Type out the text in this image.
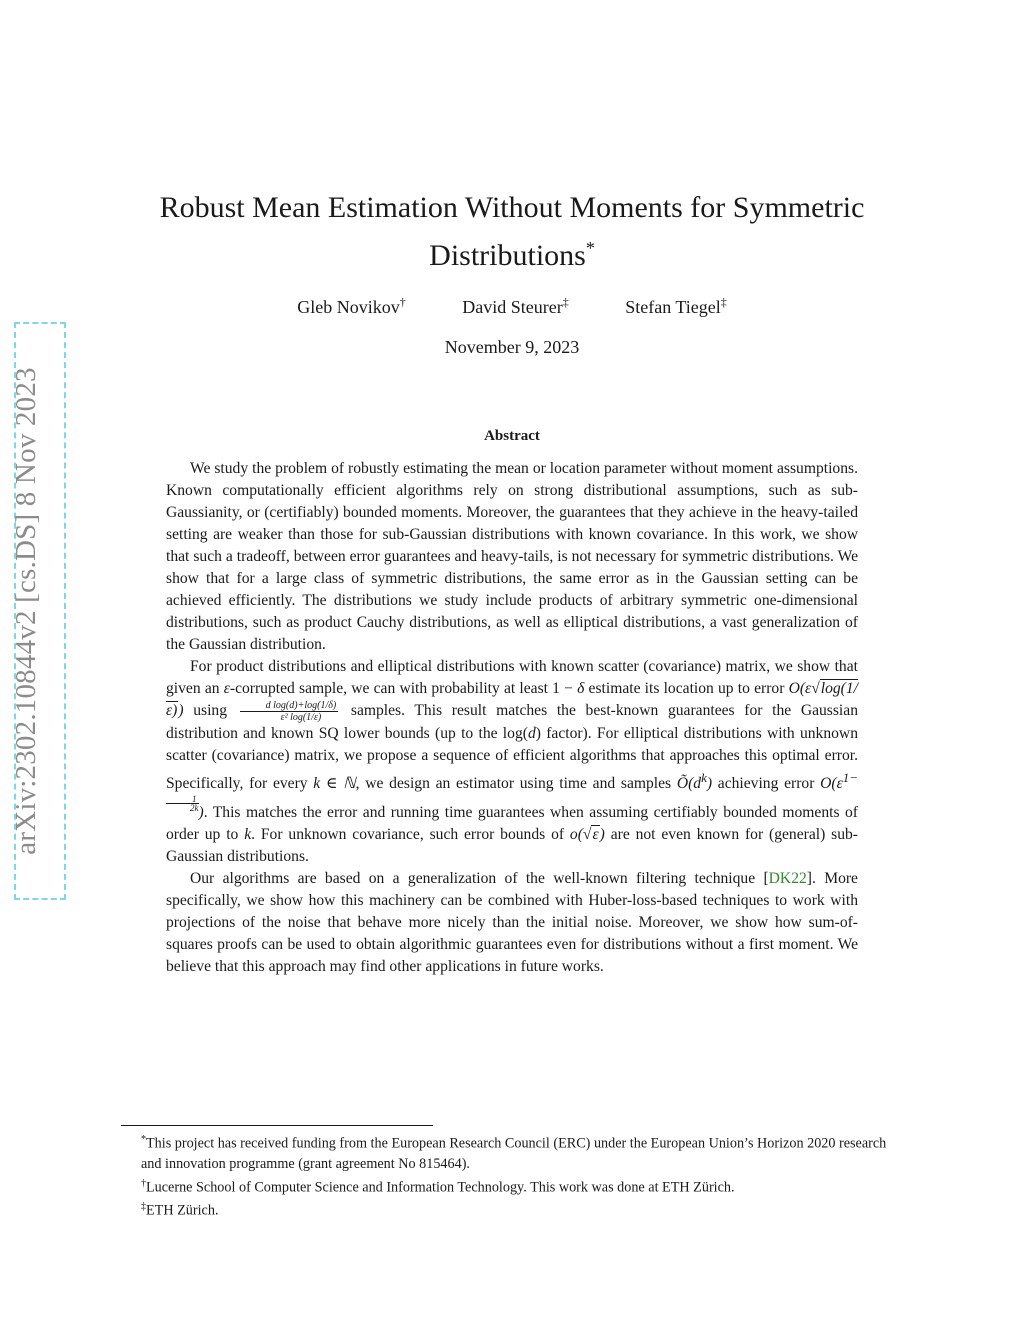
arXiv:2302.10844v2 [cs.DS] 8 Nov 2023
Robust Mean Estimation Without Moments for Symmetric
Distributions*
Gleb Novikov†	David Steurer‡	Stefan Tiegel‡
November 9, 2023
Abstract

We study the problem of robustly estimating the mean or location parameter without moment assumptions. Known computationally efficient algorithms rely on strong distributional assumptions, such as sub-Gaussianity, or (certifiably) bounded moments. Moreover, the guarantees that they achieve in the heavy-tailed setting are weaker than those for sub-Gaussian distributions with known covariance. In this work, we show that such a tradeoff, between error guarantees and heavy-tails, is not necessary for symmetric distributions. We show that for a large class of symmetric distributions, the same error as in the Gaussian setting can be achieved efficiently. The distributions we study include products of arbitrary symmetric one-dimensional distributions, such as product Cauchy distributions, as well as elliptical distributions, a vast generalization of the Gaussian distribution.

For product distributions and elliptical distributions with known scatter (covariance) matrix, we show that given an ε-corrupted sample, we can with probability at least 1 − δ estimate its location up to error O(ε√log(1/ε)) using $\frac{\text{d log(d)+log(1/δ)}}{\text{ε² log(1/ε)}}$ samples. This result matches the best-known guarantees for the Gaussian distribution and known SQ lower bounds (up to the log(d) factor). For elliptical distributions with unknown scatter (covariance) matrix, we propose a sequence of efficient algorithms that approaches this optimal error. Specifically, for every k ∈ ℕ, we design an estimator using time and samples $Õ(d^k)$ achieving error $O(\varepsilon^{1-}$
$\frac{1}{2k}$
). This matches the error and running time guarantees when assuming certifiably bounded moments of order up to k. For unknown covariance, such error bounds of o(√ε) are not even known for (general) sub-Gaussian distributions.

Our algorithms are based on a generalization of the well-known filtering technique [DK22]. More specifically, we show how this machinery can be combined with Huber-loss-based techniques to work with projections of the noise that behave more nicely than the initial noise. Moreover, we show how sum-of-squares proofs can be used to obtain algorithmic guarantees even for distributions without a first moment. We believe that this approach may find other applications in future works.

*This project has received funding from the European Research Council (ERC) under the European Union’s Horizon 2020 research and innovation programme (grant agreement No 815464).

†Lucerne School of Computer Science and Information Technology. This work was done at ETH Zürich.

‡ETH Zürich.
